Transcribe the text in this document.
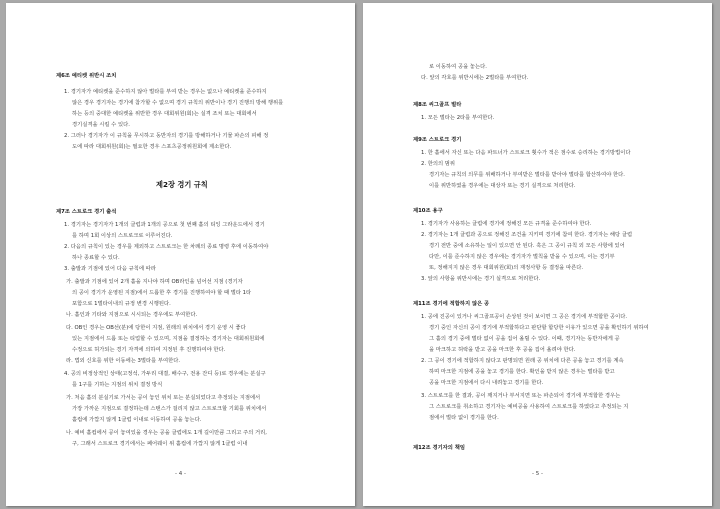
제6조 예티켓 위반시 조치
1. 경기자가 예티켓을 준수하지 않아 벌타를 부여 받는 경우는 없으나 예티켓을 준수하지
않은 경우 경기자는 경기에 참가할 수 없으며 경기 규칙의 위반이나 경기 진행의 방해 행위를
하는 등의 중대한 예티켓을 위반한 경우 대회위원(회)는 실격 조치 또는 대회에서
경기실격을 시킬 수 있다.
2. 그러나 경기자가 이 규칙을 무시하고 동반자의 경기를 방해하거나 기물 파손의 피해 정
도에 따라 대회위원(회)는 필요한 경우 스포츠공정위원회에 제소한다.
제2장 경기 규칙
제7조 스트로크 경기 출석
1. 경기자는 경기자가 1개의 클럽과 1개의 공으로 첫 번째 홀의 티잉 그라운드에서 경기
를 하며 1회 이상의 스트로크로 이루어진다.
2. 다음의 규칙이 있는 경우를 제외하고 스트로크는 한 차례의 종료 명령 후에 이동하여야
하나 종료할 수 있다.
3. 출발과 기점에 있어 다음 규칙에 따라
가. 출발과 기점에 있어 2개 홀을 지나야 하며 OB라인을 넘어선 지점 (경기자
의 공이 경기가 운영된 지점)에서 드롭한 후 경기를 진행하여야 할 때 벌타 1타
포함으로 1벌타이내의 규정 변경 시행된다.
나. 홀인과 기타와 지점으로 시시되는 경우에도 부여한다.
다. OB인 경우는 OB선(분)에 당한이 지점, 원래의 위치에서 경기 운영 시 좋다
있는 지점에서 드롭 또는 티업할 수 있으며, 지점을 결정하는 경기자는 대회위원회에
수정으로 허가되는 경기 자격에 의하여 지정된 후 진행하여야 한다.
라. 법외 신호를 위한 이동에는 3벌타를 부여한다.
4. 공의 비정상적인 상태(고정석, 가두리 대결, 배수구, 전용 잔디 등)로 경우에는 분실구
를 1구를 기하는 지점의 위치 결정 방식
가. 처음 홀의 분실기로 가서는 공이 놓인 위치 또는 분실되었다고 추정되는 지점에서
가장 가까운 지점으로 결정하는데 스탠스가 걸리지 않고 스트로크할 기회를 위치에서
홀컵에 가깝지 않게 1클럽 이내로 이동하여 공을 놓는다.
나. 예비 홀컵에서 공이 놓여있을 경우는 공을 클럽에도 1개 길이만큼 그리고 주의 거리,
구, 그래서 스트로크 경기에서는 페어웨이 위 홀컵에 가깝지 않게 1클럽 이내
- 4 -
로 이동하여 공을 놓는다.
다. 앞의 각호를 위반시에는 2벌타를 부여한다.
제8조 씨그골프 벌타
1. 모든 벌타는 2타를 부여한다.
제9조 스트로크 경기
1. 한 홀에서 자신 또는 다음 파트너가 스트로크 횟수가 적은 점수로 승리하는 경기방법이다
2. 한의의 범위
경기자는 규칙의 의무를 위배하거나 부여받은 벌타를 받아야 벌타를 합산하여야 한다.
이를 위반하였을 경우에는 대상자 또는 경기 실격으로 처리한다.
제10조 용구
1. 경기자가 사용하는 클럽에 경기에 정해진 모든 규격을 준수하여야 한다.
2. 경기자는 1개 클럽과 공으로 정해진 조건을 지키며 경기에 참여 한다. 경기자는 해당 클럽
경기 전반 중에 소유하는 일이 있으면 안 된다. 혹은 그 공이 규칙 외 모든 사항에 있어
다만, 이를 준수하지 않은 경우에는 경기자가 벌칙을 받을 수 있으며, 이는 경기부
또, 정해지지 않은 경우 대회위원(회)의 재정사항 등 결정을 따른다.
3. 앞의 사항을 위반시에는 경기 실격으로 처리한다.
제11조 경기에 적합하지 않은 공
1. 공에 진공이 있거나 씨그골프공이 손상된 것이 보이면 그 공은 경기에 부적합한 공이다.
경기 중인 자신의 공이 경기에 부적합하다고 판단할 합당한 이유가 있으면 공을 확인하기 위하여
그 홀의 경기 중에 벌타 없이 공을 집어 올릴 수 있다. 이때, 경기자는 동반자에게 공
을 마크하고 허락을 받고 공을 마크한 후 공을 집어 올려야 한다.
2. 그 공이 경기에 적합하지 않다고 판명되면 원래 공 위치에 다른 공을 놓고 경기를 계속
하며 마크한 지점에 공을 놓고 경기를 한다. 확인을 받지 않은 경우는 벌타를 받고
공을 마크한 지점에서 다시 내려놓고 경기를 한다.
3. 스트로크를 한 결과, 공이 깨지거나 부서지면 또는 파손되어 경기에 부적합한 경우는
그 스트로크를 취소하고 경기자는 예비공을 사용하여 스트로크를 하였다고 추정되는 지
점에서 벌타 없이 경기를 한다.
제12조 경기자의 책임
- 5 -
